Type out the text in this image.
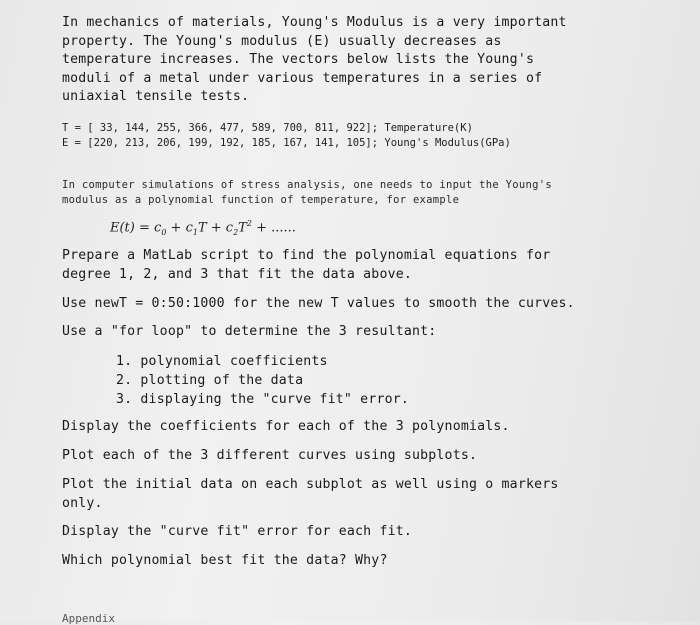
In mechanics of materials, Young's Modulus is a very important
property. The Young's modulus (E) usually decreases as
temperature increases. The vectors below lists the Young's
moduli of a metal under various temperatures in a series of
uniaxial tensile tests.
T = [ 33, 144, 255, 366, 477, 589, 700, 811, 922]; Temperature(K)
E = [220, 213, 206, 199, 192, 185, 167, 141, 105]; Young's Modulus(GPa)
In computer simulations of stress analysis, one needs to input the Young's
modulus as a polynomial function of temperature, for example
$E(t) = c_0 + c_1T + c_2T^2$ + ......
Prepare a MatLab script to find the polynomial equations for
degree 1, 2, and 3 that fit the data above.
Use newT = 0:50:1000 for the new T values to smooth the curves.
Use a "for loop" to determine the 3 resultant:
1. polynomial coefficients
2. plotting of the data
3. displaying the "curve fit" error.
Display the coefficients for each of the 3 polynomials.
Plot each of the 3 different curves using subplots.
Plot the initial data on each subplot as well using o markers
only.
Display the "curve fit" error for each fit.
Which polynomial best fit the data? Why?
Appendix
